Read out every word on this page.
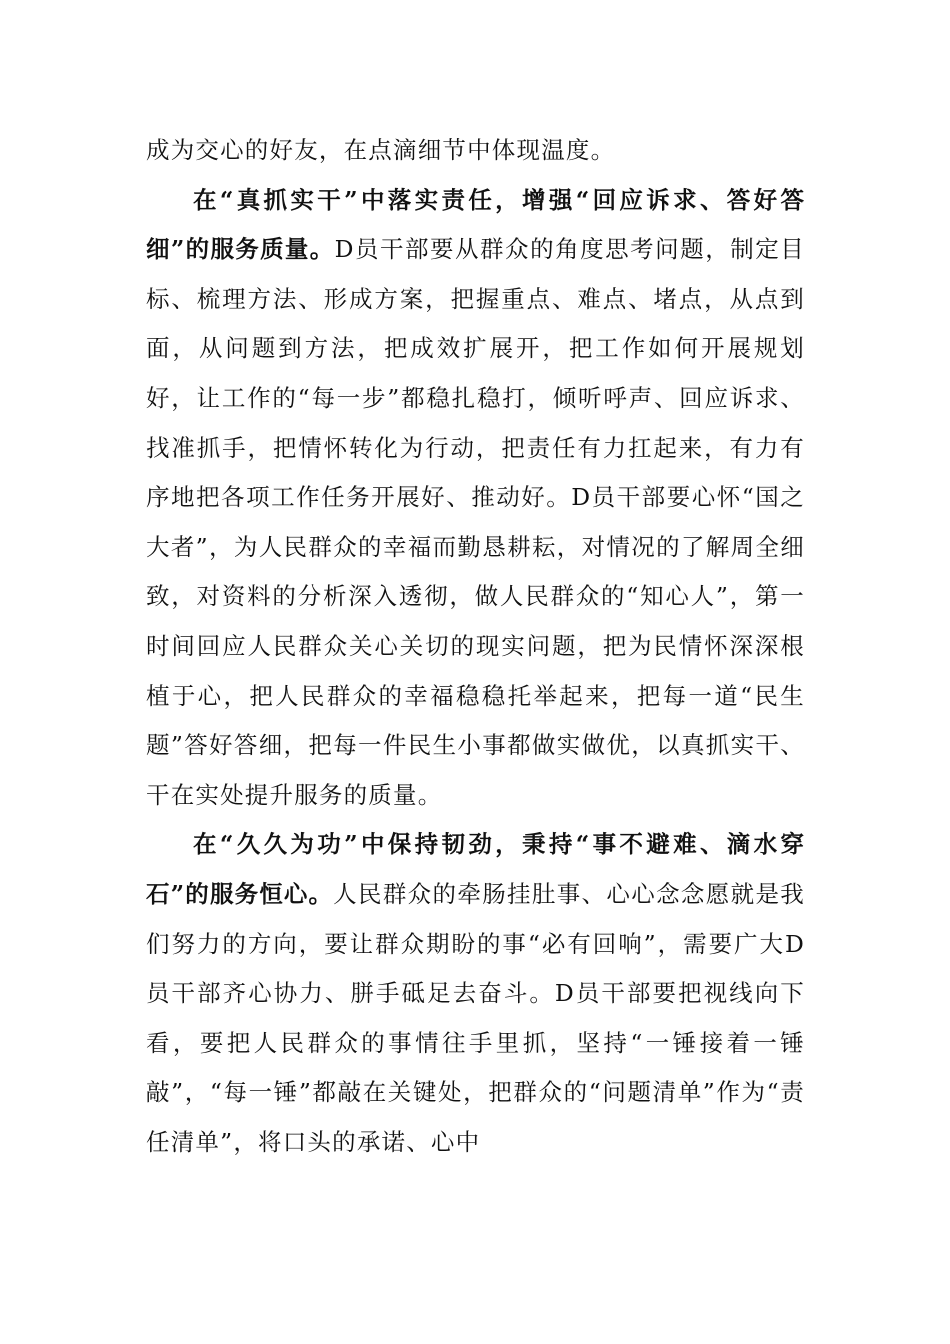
成为交心的好友，在点滴细节中体现温度。

在“真抓实干”中落实责任，增强“回应诉求、答好答细”的服务质量。D员干部要从群众的角度思考问题，制定目标、梳理方法、形成方案，把握重点、难点、堵点，从点到面，从问题到方法，把成效扩展开，把工作如何开展规划好，让工作的“每一步”都稳扎稳打，倾听呼声、回应诉求、找准抓手，把情怀转化为行动，把责任有力扛起来，有力有序地把各项工作任务开展好、推动好。D员干部要心怀“国之大者”，为人民群众的幸福而勤恳耕耘，对情况的了解周全细致，对资料的分析深入透彻，做人民群众的“知心人”，第一时间回应人民群众关心关切的现实问题，把为民情怀深深根植于心，把人民群众的幸福稳稳托举起来，把每一道“民生题”答好答细，把每一件民生小事都做实做优，以真抓实干、干在实处提升服务的质量。

在“久久为功”中保持韧劲，秉持“事不避难、滴水穿石”的服务恒心。人民群众的牵肠挂肚事、心心念念愿就是我们努力的方向，要让群众期盼的事“必有回响”，需要广大D员干部齐心协力、胼手砥足去奋斗。D员干部要把视线向下看，要把人民群众的事情往手里抓，坚持“一锤接着一锤敲”，“每一锤”都敲在关键处，把群众的“问题清单”作为“责任清单”，将口头的承诺、心中
